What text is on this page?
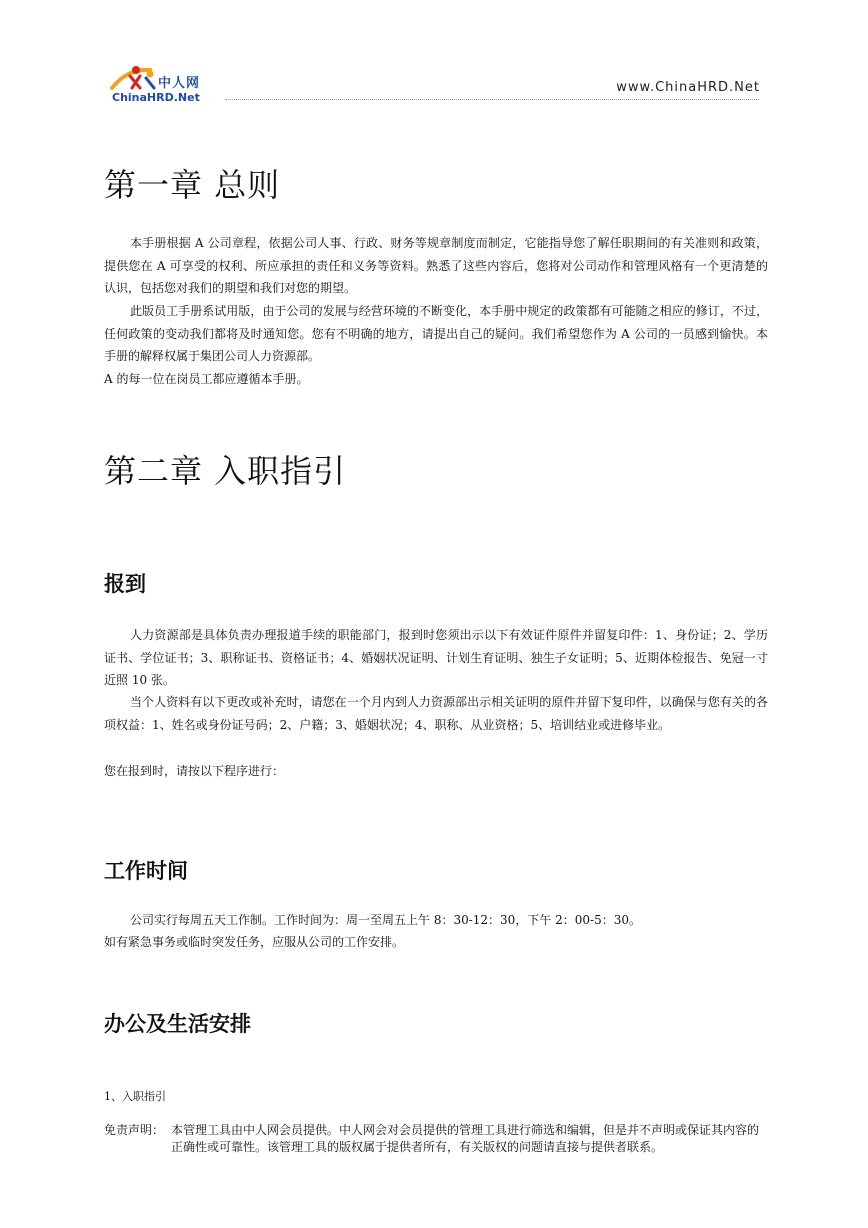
中人网
ChinaHRD.Net
www.ChinaHRD.Net
第一章 总则

本手册根据 A 公司章程，依据公司人事、行政、财务等规章制度而制定，它能指导您了解任职期间的有关准则和政策，提供您在 A 可享受的权利、所应承担的责任和义务等资料。熟悉了这些内容后，您将对公司动作和管理风格有一个更清楚的认识，包括您对我们的期望和我们对您的期望。

此版员工手册系试用版，由于公司的发展与经营环境的不断变化，本手册中规定的政策都有可能随之相应的修订，不过，任何政策的变动我们都将及时通知您。您有不明确的地方，请提出自己的疑问。我们希望您作为 A 公司的一员感到愉快。本手册的解释权属于集团公司人力资源部。

A 的每一位在岗员工都应遵循本手册。

第二章 入职指引
报到

人力资源部是具体负责办理报道手续的职能部门，报到时您须出示以下有效证件原件并留复印件：1、身份证；2、学历证书、学位证书；3、职称证书、资格证书；4、婚姻状况证明、计划生育证明、独生子女证明；5、近期体检报告、免冠一寸近照 10 张。

当个人资料有以下更改或补充时，请您在一个月内到人力资源部出示相关证明的原件并留下复印件，以确保与您有关的各项权益：1、姓名或身份证号码；2、户籍；3、婚姻状况；4、职称、从业资格；5、培训结业或进修毕业。

您在报到时，请按以下程序进行：

工作时间

公司实行每周五天工作制。工作时间为：周一至周五上午 8：30-12：30，下午 2：00-5：30。

如有紧急事务或临时突发任务，应服从公司的工作安排。

办公及生活安排
1、入职指引
免责声明： 本管理工具由中人网会员提供。中人网会对会员提供的管理工具进行筛选和编辑，但是并不声明或保证其内容的正确性或可靠性。该管理工具的版权属于提供者所有，有关版权的问题请直接与提供者联系。
